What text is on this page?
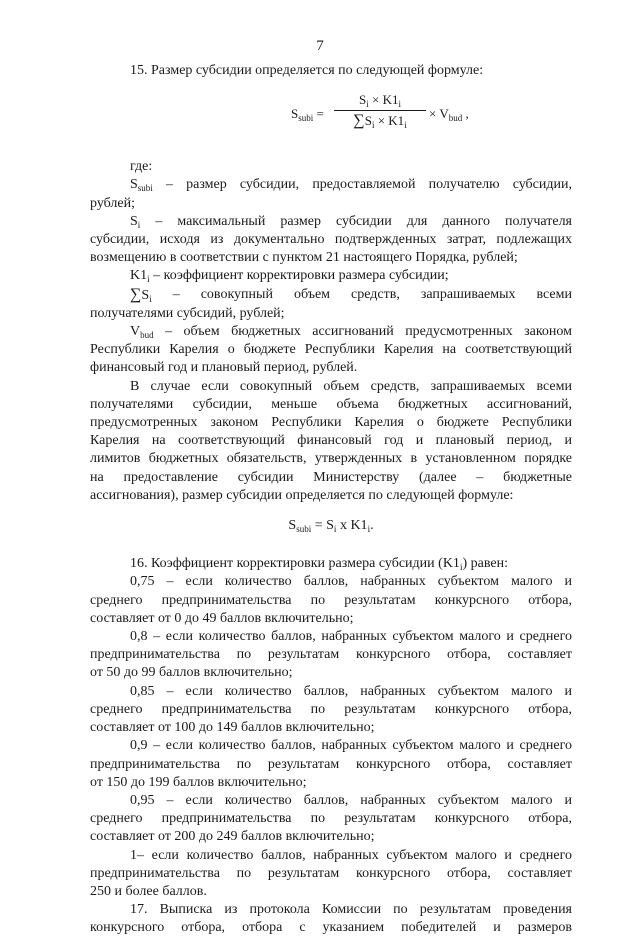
7

15. Размер субсидии определяется по следующей формуле:

$S_{subi} = \frac{S_i \times K1_i}{\sum S_i \times K1_i} \times V_{bud}$ ,

где:

$S_{subi}$ – размер субсидии, предоставляемой получателю субсидии,

рублей;

$S_i$ – максимальный размер субсидии для данного получателя

субсидии, исходя из документально подтвержденных затрат, подлежащих

возмещению в соответствии с пунктом 21 настоящего Порядка, рублей;

$K1_i$ – коэффициент корректировки размера субсидии;

$\sum S_i$ – совокупный объем средств, запрашиваемых всеми

получателями субсидий, рублей;

$V_{bud}$ – объем бюджетных ассигнований предусмотренных законом

Республики Карелия о бюджете Республики Карелия на соответствующий

финансовый год и плановый период, рублей.

В случае если совокупный объем средств, запрашиваемых всеми

получателями субсидии, меньше объема бюджетных ассигнований,

предусмотренных законом Республики Карелия о бюджете Республики

Карелия на соответствующий финансовый год и плановый период, и

лимитов бюджетных обязательств, утвержденных в установленном порядке

на предоставление субсидии Министерству (далее – бюджетные

ассигнования), размер субсидии определяется по следующей формуле:

$S_{subi} = S_i$ x $K1_i$.

16. Коэффициент корректировки размера субсидии $(K1_i)$ равен:

0,75 – если количество баллов, набранных субъектом малого и

среднего предпринимательства по результатам конкурсного отбора,

составляет от 0 до 49 баллов включительно;

0,8 – если количество баллов, набранных субъектом малого и среднего

предпринимательства по результатам конкурсного отбора, составляет

от 50 до 99 баллов включительно;

0,85 – если количество баллов, набранных субъектом малого и

среднего предпринимательства по результатам конкурсного отбора,

составляет от 100 до 149 баллов включительно;

0,9 – если количество баллов, набранных субъектом малого и среднего

предпринимательства по результатам конкурсного отбора, составляет

от 150 до 199 баллов включительно;

0,95 – если количество баллов, набранных субъектом малого и

среднего предпринимательства по результатам конкурсного отбора,

составляет от 200 до 249 баллов включительно;

1– если количество баллов, набранных субъектом малого и среднего

предпринимательства по результатам конкурсного отбора, составляет

250 и более баллов.

17. Выписка из протокола Комиссии по результатам проведения

конкурсного отбора, отбора с указанием победителей и размеров
